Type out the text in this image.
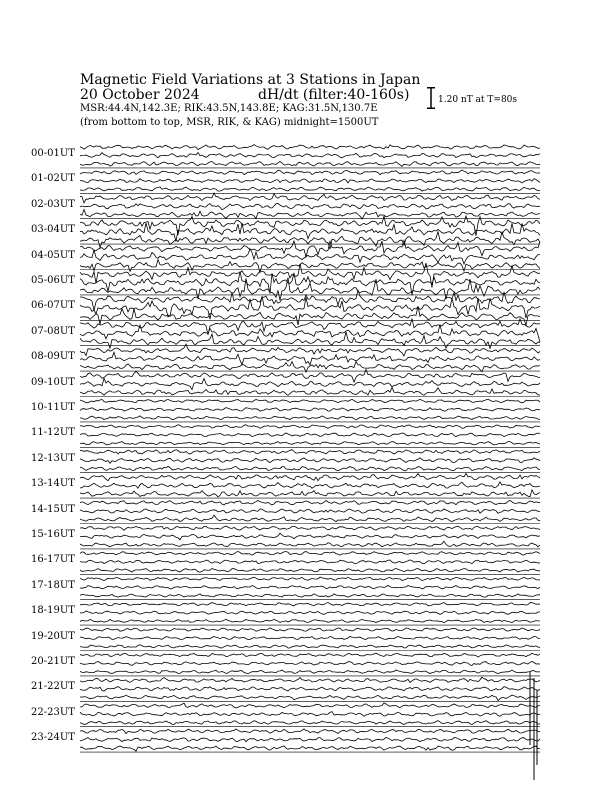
Magnetic Field Variations at 3 Stations in Japan
20 October 2024	dH/dt (filter:40-160s)
MSR:44.4N,142.3E; RIK:43.5N,143.8E; KAG:31.5N,130.7E
(from bottom to top, MSR, RIK, & KAG) midnight=1500UT
1.20 nT at T=80s
00-01UT
01-02UT
02-03UT
03-04UT
04-05UT
05-06UT
06-07UT
07-08UT
08-09UT
09-10UT
10-11UT
11-12UT
12-13UT
13-14UT
14-15UT
15-16UT
16-17UT
17-18UT
18-19UT
19-20UT
20-21UT
21-22UT
22-23UT
23-24UT
